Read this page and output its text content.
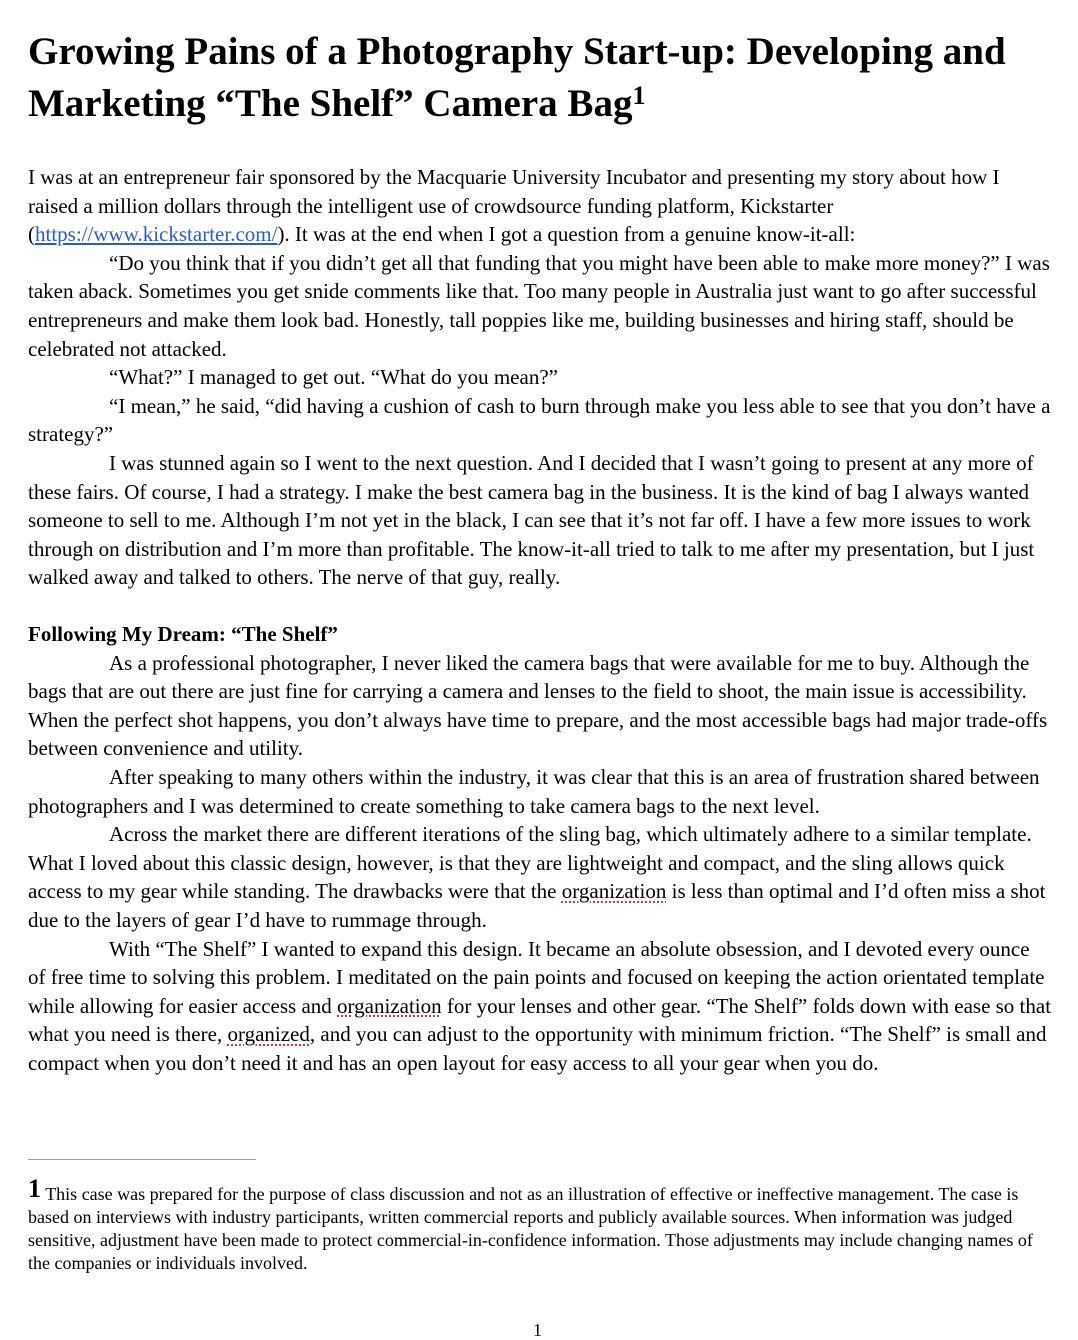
Growing Pains of a Photography Start-up: Developing and Marketing “The Shelf” Camera Bag$^1$

I was at an entrepreneur fair sponsored by the Macquarie University Incubator and presenting my story about how I raised a million dollars through the intelligent use of crowdsource funding platform, Kickstarter (https://www.kickstarter.com/). It was at the end when I got a question from a genuine know-it-all:

“Do you think that if you didn’t get all that funding that you might have been able to make more money?” I was taken aback. Sometimes you get snide comments like that. Too many people in Australia just want to go after successful entrepreneurs and make them look bad. Honestly, tall poppies like me, building businesses and hiring staff, should be celebrated not attacked.

“What?” I managed to get out. “What do you mean?”

“I mean,” he said, “did having a cushion of cash to burn through make you less able to see that you don’t have a strategy?”

I was stunned again so I went to the next question. And I decided that I wasn’t going to present at any more of these fairs. Of course, I had a strategy. I make the best camera bag in the business. It is the kind of bag I always wanted someone to sell to me. Although I’m not yet in the black, I can see that it’s not far off. I have a few more issues to work through on distribution and I’m more than profitable. The know-it-all tried to talk to me after my presentation, but I just walked away and talked to others. The nerve of that guy, really.

Following My Dream: “The Shelf”

As a professional photographer, I never liked the camera bags that were available for me to buy. Although the bags that are out there are just fine for carrying a camera and lenses to the field to shoot, the main issue is accessibility. When the perfect shot happens, you don’t always have time to prepare, and the most accessible bags had major trade-offs between convenience and utility.

After speaking to many others within the industry, it was clear that this is an area of frustration shared between photographers and I was determined to create something to take camera bags to the next level.

Across the market there are different iterations of the sling bag, which ultimately adhere to a similar template. What I loved about this classic design, however, is that they are lightweight and compact, and the sling allows quick access to my gear while standing. The drawbacks were that the organization is less than optimal and I’d often miss a shot due to the layers of gear I’d have to rummage through.

With “The Shelf” I wanted to expand this design. It became an absolute obsession, and I devoted every ounce of free time to solving this problem. I meditated on the pain points and focused on keeping the action orientated template while allowing for easier access and organization for your lenses and other gear. “The Shelf” folds down with ease so that what you need is there, organized, and you can adjust to the opportunity with minimum friction. “The Shelf” is small and compact when you don’t need it and has an open layout for easy access to all your gear when you do.

1 This case was prepared for the purpose of class discussion and not as an illustration of effective or ineffective management. The case is based on interviews with industry participants, written commercial reports and publicly available sources. When information was judged sensitive, adjustment have been made to protect commercial-in-confidence information. Those adjustments may include changing names of the companies or individuals involved.

1
